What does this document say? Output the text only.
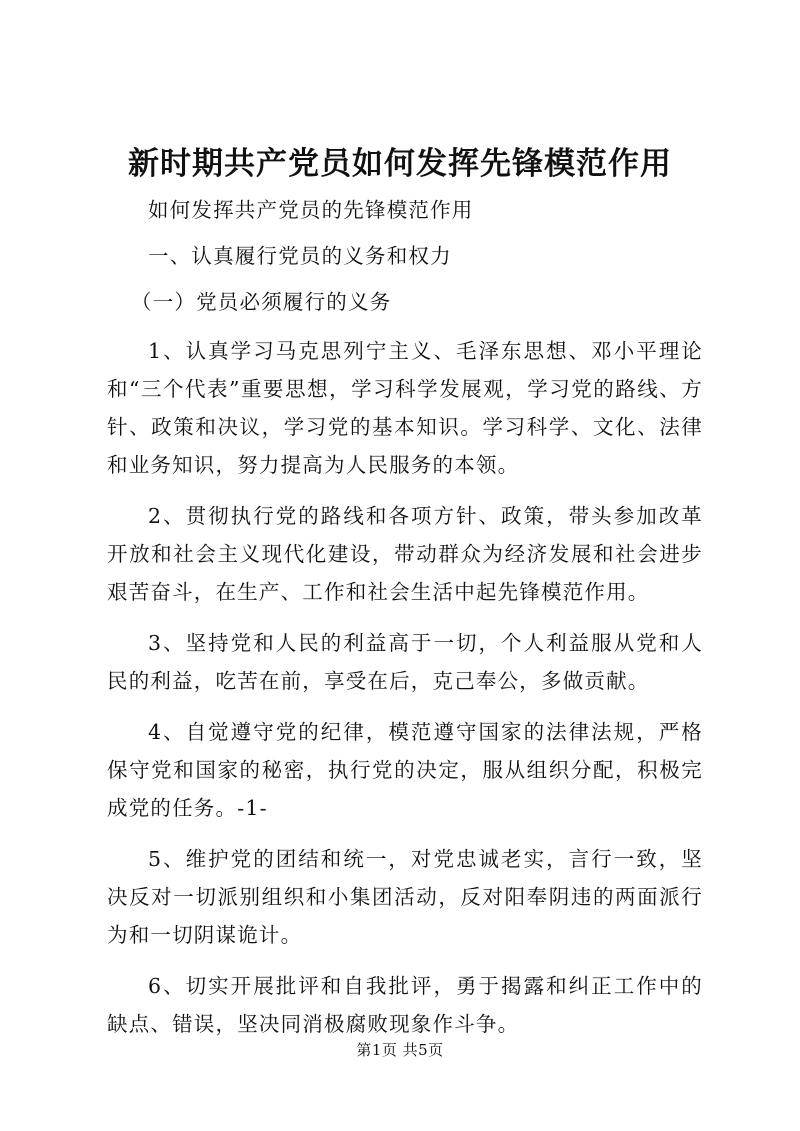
新时期共产党员如何发挥先锋模范作用

如何发挥共产党员的先锋模范作用

一、认真履行党员的义务和权力

（一）党员必须履行的义务

1、认真学习马克思列宁主义、毛泽东思想、邓小平理论和“三个代表”重要思想，学习科学发展观，学习党的路线、方针、政策和决议，学习党的基本知识。学习科学、文化、法律和业务知识，努力提高为人民服务的本领。

2、贯彻执行党的路线和各项方针、政策，带头参加改革开放和社会主义现代化建设，带动群众为经济发展和社会进步艰苦奋斗，在生产、工作和社会生活中起先锋模范作用。

3、坚持党和人民的利益高于一切，个人利益服从党和人民的利益，吃苦在前，享受在后，克己奉公，多做贡献。

4、自觉遵守党的纪律，模范遵守国家的法律法规，严格保守党和国家的秘密，执行党的决定，服从组织分配，积极完成党的任务。-1-

5、维护党的团结和统一，对党忠诚老实，言行一致，坚决反对一切派别组织和小集团活动，反对阳奉阴违的两面派行为和一切阴谋诡计。

6、切实开展批评和自我批评，勇于揭露和纠正工作中的缺点、错误，坚决同消极腐败现象作斗争。

第1页 共5页
